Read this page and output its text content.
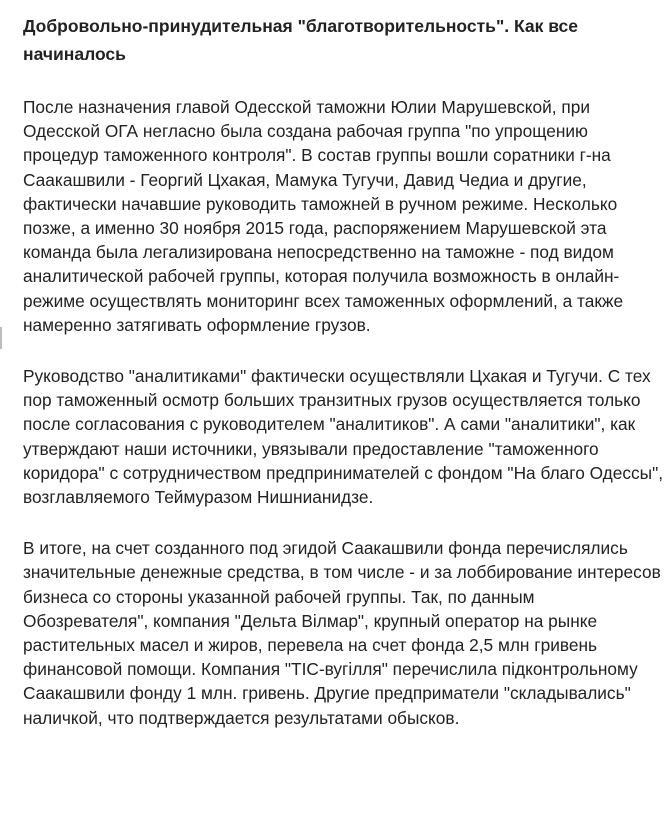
Добровольно-принудительная "благотворительность". Как все начиналось

После назначения главой Одесской таможни Юлии Марушевской, при Одесской ОГА негласно была создана рабочая группа "по упрощению процедур таможенного контроля". В состав группы вошли соратники г-на Саакашвили - Георгий Цхакая, Мамука Тугучи, Давид Чедиа и другие, фактически начавшие руководить таможней в ручном режиме. Несколько позже, а именно 30 ноября 2015 года, распоряжением Марушевской эта команда была легализирована непосредственно на таможне - под видом аналитической рабочей группы, которая получила возможность в онлайн-режиме осуществлять мониторинг всех таможенных оформлений, а также намеренно затягивать оформление грузов.

Руководство "аналитиками" фактически осуществляли Цхакая и Тугучи. С тех пор таможенный осмотр больших транзитных грузов осуществляется только после согласования с руководителем "аналитиков". А сами "аналитики", как утверждают наши источники, увязывали предоставление "таможенного коридора" с сотрудничеством предпринимателей с фондом "На благо Одессы", возглавляемого Теймуразом Нишнианидзе.

В итоге, на счет созданного под эгидой Саакашвили фонда перечислялись значительные денежные средства, в том числе - и за лоббирование интересов бизнеса со стороны указанной рабочей группы. Так, по данным Обозревателя", компания "Дельта Вілмар", крупный оператор на рынке растительных масел и жиров, перевела на счет фонда 2,5 млн гривень финансовой помощи. Компания "ТІС-вугілля" перечислила підконтрольному Саакашвили фонду 1 млн. гривень. Другие предприматели "складывались" наличкой, что подтверждается результатами обысков.
